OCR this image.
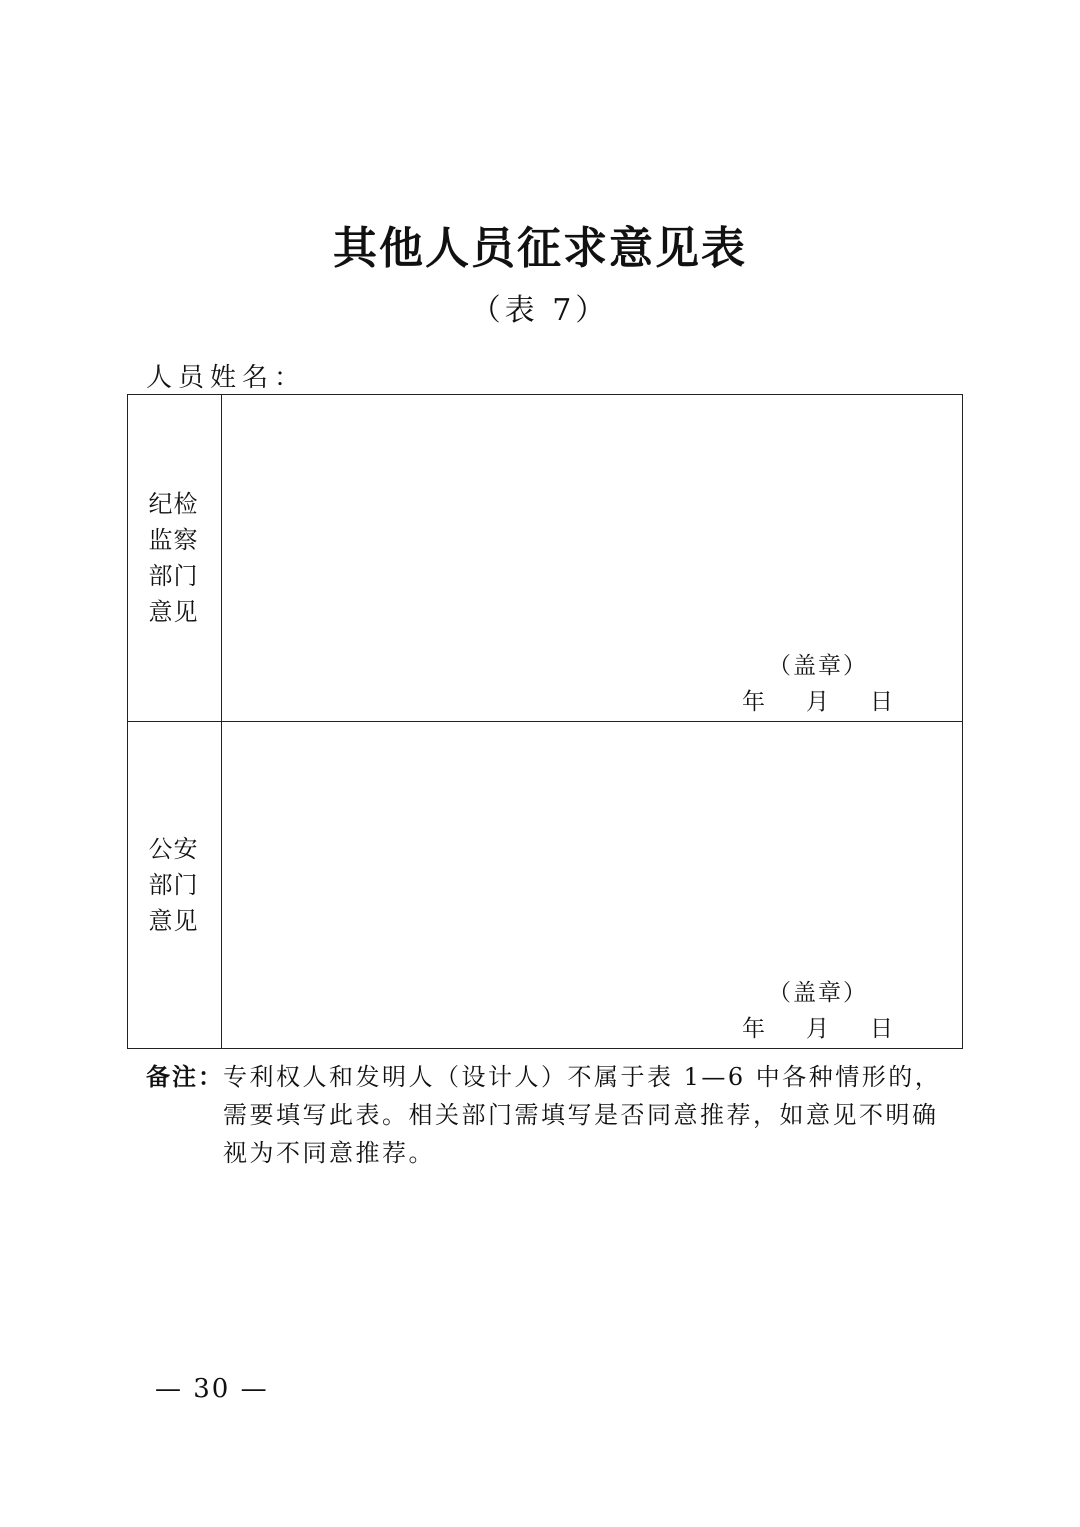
其他人员征求意见表
（表 7）
人员姓名：
纪检监察部门意见	（盖章）
年 月 日

公安部门意见	（盖章）
年 月 日
备注： 专利权人和发明人（设计人）不属于表 1—6 中各种情形的，需要填写此表。相关部门需填写是否同意推荐，如意见不明确视为不同意推荐。
— 30 —
